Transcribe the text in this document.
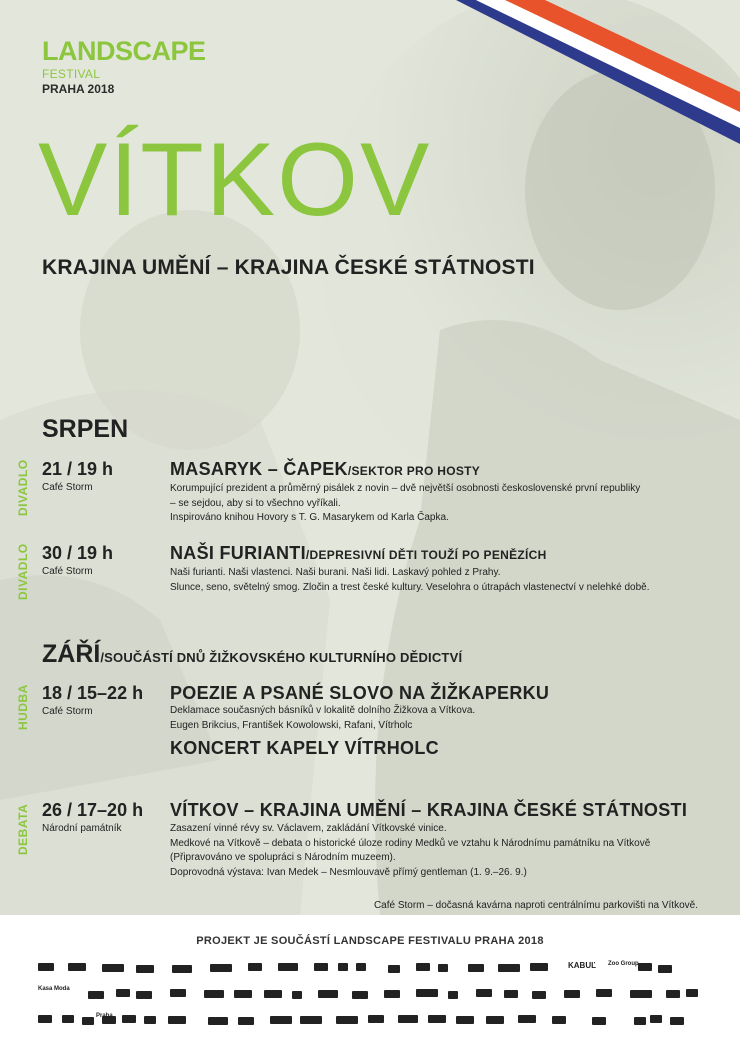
LANDSCAPE
FESTIVAL
PRAHA 2018
VÍTKOV
KRAJINA UMĚNÍ – KRAJINA ČESKÉ STÁTNOSTI
SRPEN
DIVADLO 21 / 19 h
Café Storm
MASARYK – ČAPEK/SEKTOR PRO HOSTY
Korumpující prezident a průměrný pisálek z novin – dvě největší osobnosti československé první republiky
– se sejdou, aby si to všechno vyříkali.
Inspirováno knihou Hovory s T. G. Masarykem od Karla Čapka.
DIVADLO 30 / 19 h
Café Storm
NAŠI FURIANTI/DEPRESIVNÍ DĚTI TOUŽÍ PO PENĚZÍCH
Naši furianti. Naši vlastenci. Naši burani. Naši lidi. Laskavý pohled z Prahy.
Slunce, seno, světelný smog. Zločin a trest české kultury. Veselohra o útrapách vlastenectví v nelehké době.
ZÁŘÍ/SOUČÁSTÍ DNŮ ŽIŽKOVSKÉHO KULTURNÍHO DĚDICTVÍ
HUDBA 18 / 15–22 h
Café Storm
POEZIE A PSANÉ SLOVO NA ŽIŽKAPERKU
Deklamace současných básníků v lokalitě dolního Žižkova a Vítkova.
Eugen Brikcius, František Kowolowski, Rafani, Vítrholc
KONCERT KAPELY VÍTRHOLC
DEBATA 26 / 17–20 h
Národní památník
VÍTKOV – KRAJINA UMĚNÍ – KRAJINA ČESKÉ STÁTNOSTI
Zasazení vinné révy sv. Václavem, zakládání Vítkovské vinice.
Medkové na Vítkově – debata o historické úloze rodiny Medků ve vztahu k Národnímu památníku na Vítkově
(Připravováno ve spolupráci s Národním muzeem).
Doprovodná výstava: Ivan Medek – Nesmlouvavě přímý gentleman (1. 9.–26. 9.)
Café Storm – dočasná kavárna naproti centrálnímu parkovišti na Vítkově.
PROJEKT JE SOUČÁSTÍ LANDSCAPE FESTIVALU PRAHA 2018
Kasa Moda
KABUĽ Zoo Group
Praha
